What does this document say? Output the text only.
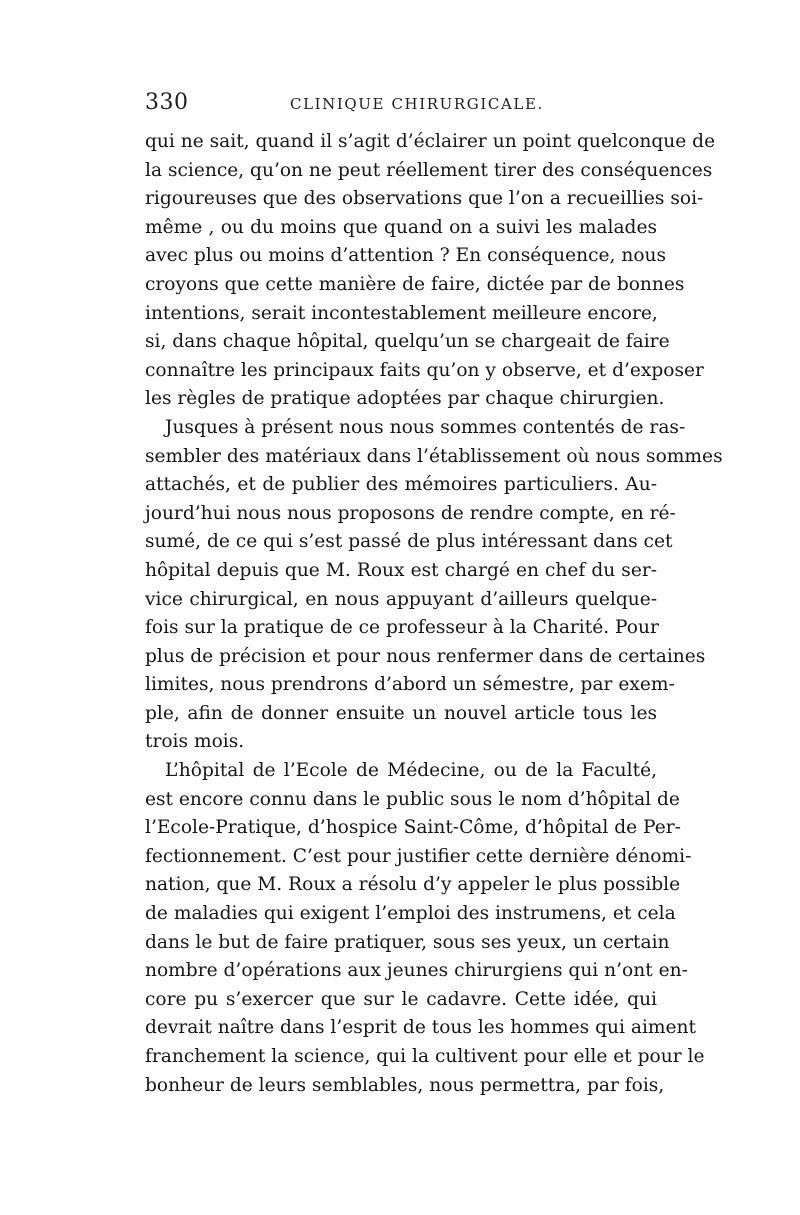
330	CLINIQUE CHIRURGICALE.
qui ne sait, quand il s’agit d’éclairer un point quelconque de
la science, qu’on ne peut réellement tirer des conséquences
rigoureuses que des observations que l’on a recueillies soi-
même , ou du moins que quand on a suivi les malades
avec plus ou moins d’attention ? En conséquence, nous
croyons que cette manière de faire, dictée par de bonnes
intentions, serait incontestablement meilleure encore,
si, dans chaque hôpital, quelqu’un se chargeait de faire
connaître les principaux faits qu’on y observe, et d’exposer
les règles de pratique adoptées par chaque chirurgien.
Jusques à présent nous nous sommes contentés de ras-
sembler des matériaux dans l’établissement où nous sommes
attachés, et de publier des mémoires particuliers. Au-
jourd’hui nous nous proposons de rendre compte, en ré-
sumé, de ce qui s’est passé de plus intéressant dans cet
hôpital depuis que M. Roux est chargé en chef du ser-
vice chirurgical, en nous appuyant d’ailleurs quelque-
fois sur la pratique de ce professeur à la Charité. Pour
plus de précision et pour nous renfermer dans de certaines
limites, nous prendrons d’abord un sémestre, par exem-
ple, afin de donner ensuite un nouvel article tous les
trois mois.
L’hôpital de l’Ecole de Médecine, ou de la Faculté,
est encore connu dans le public sous le nom d’hôpital de
l’Ecole-Pratique, d’hospice Saint-Côme, d’hôpital de Per-
fectionnement. C’est pour justifier cette dernière dénomi-
nation, que M. Roux a résolu d’y appeler le plus possible
de maladies qui exigent l’emploi des instrumens, et cela
dans le but de faire pratiquer, sous ses yeux, un certain
nombre d’opérations aux jeunes chirurgiens qui n’ont en-
core pu s’exercer que sur le cadavre. Cette idée, qui
devrait naître dans l’esprit de tous les hommes qui aiment
franchement la science, qui la cultivent pour elle et pour le
bonheur de leurs semblables, nous permettra, par fois,
